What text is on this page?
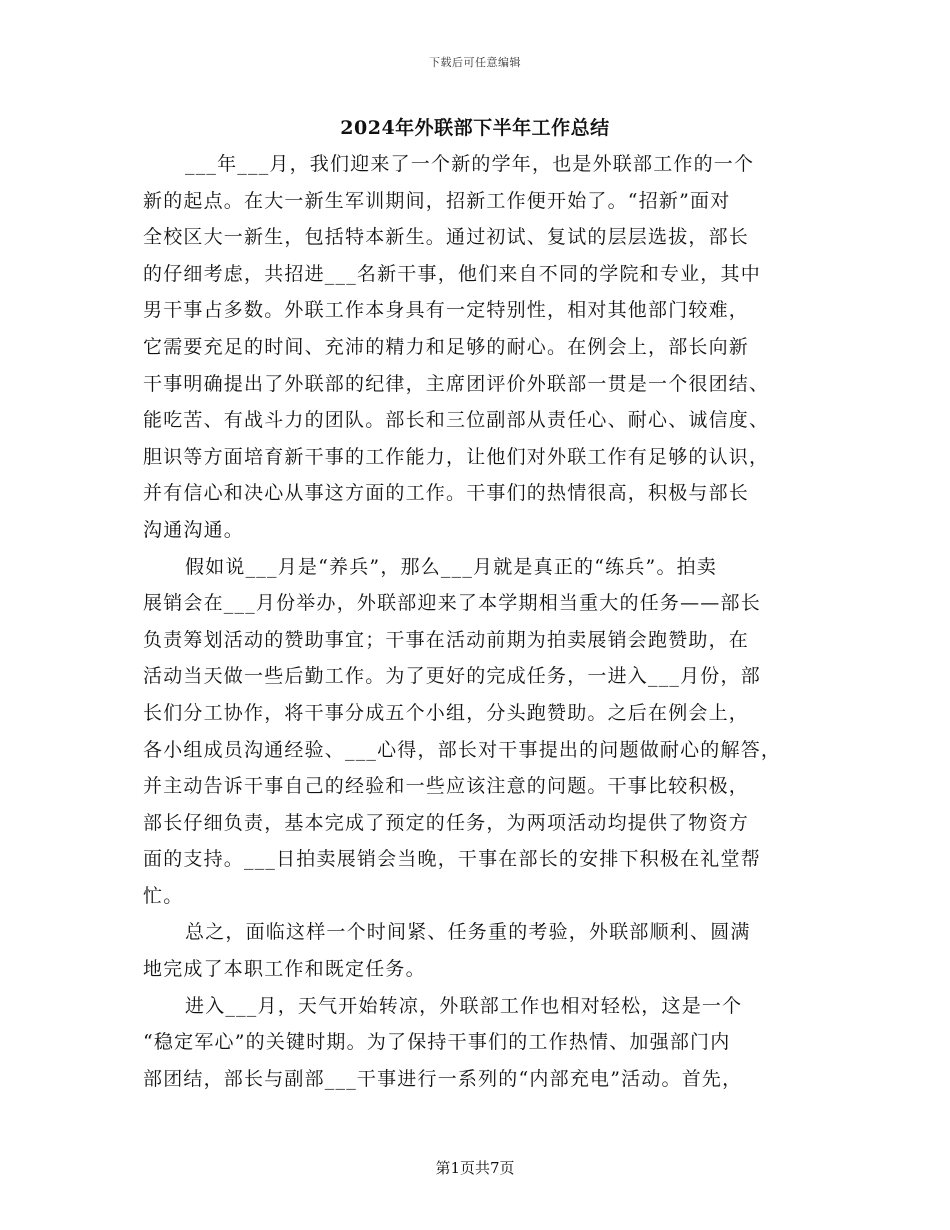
下载后可任意编辑
2024年外联部下半年工作总结
___年___月，我们迎来了一个新的学年，也是外联部工作的一个
新的起点。在大一新生军训期间，招新工作便开始了。“招新”面对
全校区大一新生，包括特本新生。通过初试、复试的层层选拔，部长
的仔细考虑，共招进___名新干事，他们来自不同的学院和专业，其中
男干事占多数。外联工作本身具有一定特别性，相对其他部门较难，
它需要充足的时间、充沛的精力和足够的耐心。在例会上，部长向新
干事明确提出了外联部的纪律，主席团评价外联部一贯是一个很团结、
能吃苦、有战斗力的团队。部长和三位副部从责任心、耐心、诚信度、
胆识等方面培育新干事的工作能力，让他们对外联工作有足够的认识，
并有信心和决心从事这方面的工作。干事们的热情很高，积极与部长
沟通沟通。
假如说___月是“养兵”，那么___月就是真正的“练兵”。拍卖
展销会在___月份举办，外联部迎来了本学期相当重大的任务——部长
负责筹划活动的赞助事宜；干事在活动前期为拍卖展销会跑赞助，在
活动当天做一些后勤工作。为了更好的完成任务，一进入___月份，部
长们分工协作，将干事分成五个小组，分头跑赞助。之后在例会上，
各小组成员沟通经验、___心得，部长对干事提出的问题做耐心的解答，
并主动告诉干事自己的经验和一些应该注意的问题。干事比较积极，
部长仔细负责，基本完成了预定的任务，为两项活动均提供了物资方
面的支持。___日拍卖展销会当晚，干事在部长的安排下积极在礼堂帮
忙。
总之，面临这样一个时间紧、任务重的考验，外联部顺利、圆满
地完成了本职工作和既定任务。
进入___月，天气开始转凉，外联部工作也相对轻松，这是一个
“稳定军心”的关键时期。为了保持干事们的工作热情、加强部门内
部团结，部长与副部___干事进行一系列的“内部充电”活动。首先，
第1页共7页
